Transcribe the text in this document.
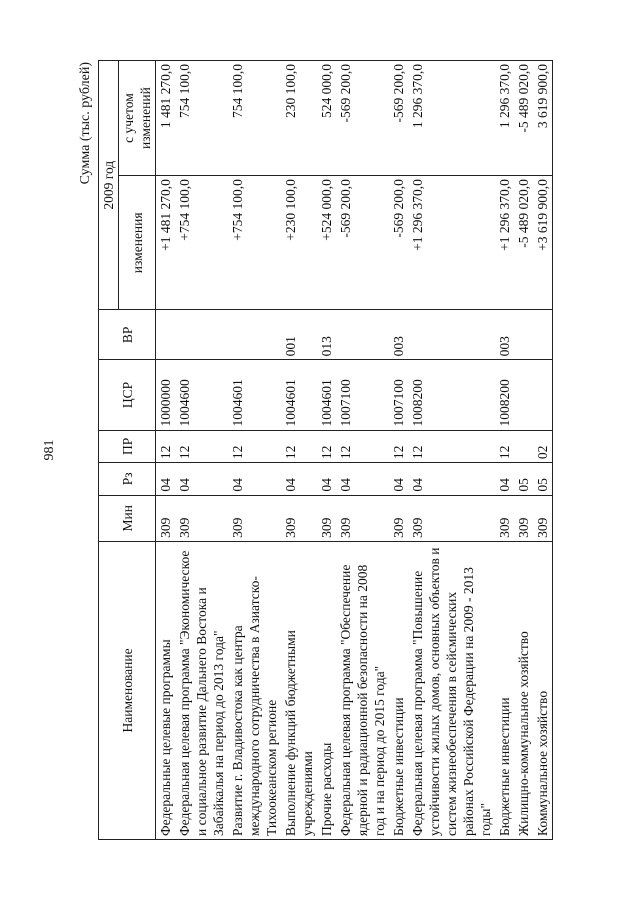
981
Сумма (тыс. рублей)
Наименование	Мин	Рз	ПР	ЦСР	ВР	2009 год	
						изменения	с учетом изменений
Федеральные целевые программы	309	04	12	1000000		+1 481 270,0	1 481 270,0
Федеральная целевая программа "Экономическое и социальное развитие Дальнего Востока и Забайкалья на период до 2013 года"	309	04	12	1004600		+754 100,0	754 100,0
Развитие г. Владивостока как центра международного сотрудничества в Азиатско-Тихоокеанском регионе	309	04	12	1004601		+754 100,0	754 100,0
Выполнение функций бюджетными учреждениями	309	04	12	1004601	001	+230 100,0	230 100,0
Прочие расходы	309	04	12	1004601	013	+524 000,0	524 000,0
Федеральная целевая программа "Обеспечение ядерной и радиационной безопасности на 2008 год и на период до 2015 года"	309	04	12	1007100		-569 200,0	-569 200,0
Бюджетные инвестиции	309	04	12	1007100	003	-569 200,0	-569 200,0
Федеральная целевая программа "Повышение устойчивости жилых домов, основных объектов и систем жизнеобеспечения в сейсмических районах Российской Федерации на 2009 - 2013 годы"	309	04	12	1008200		+1 296 370,0	1 296 370,0
Бюджетные инвестиции	309	04	12	1008200	003	+1 296 370,0	1 296 370,0
Жилищно-коммунальное хозяйство	309	05				-5 489 020,0	-5 489 020,0
Коммунальное хозяйство	309	05	02			+3 619 900,0	3 619 900,0
